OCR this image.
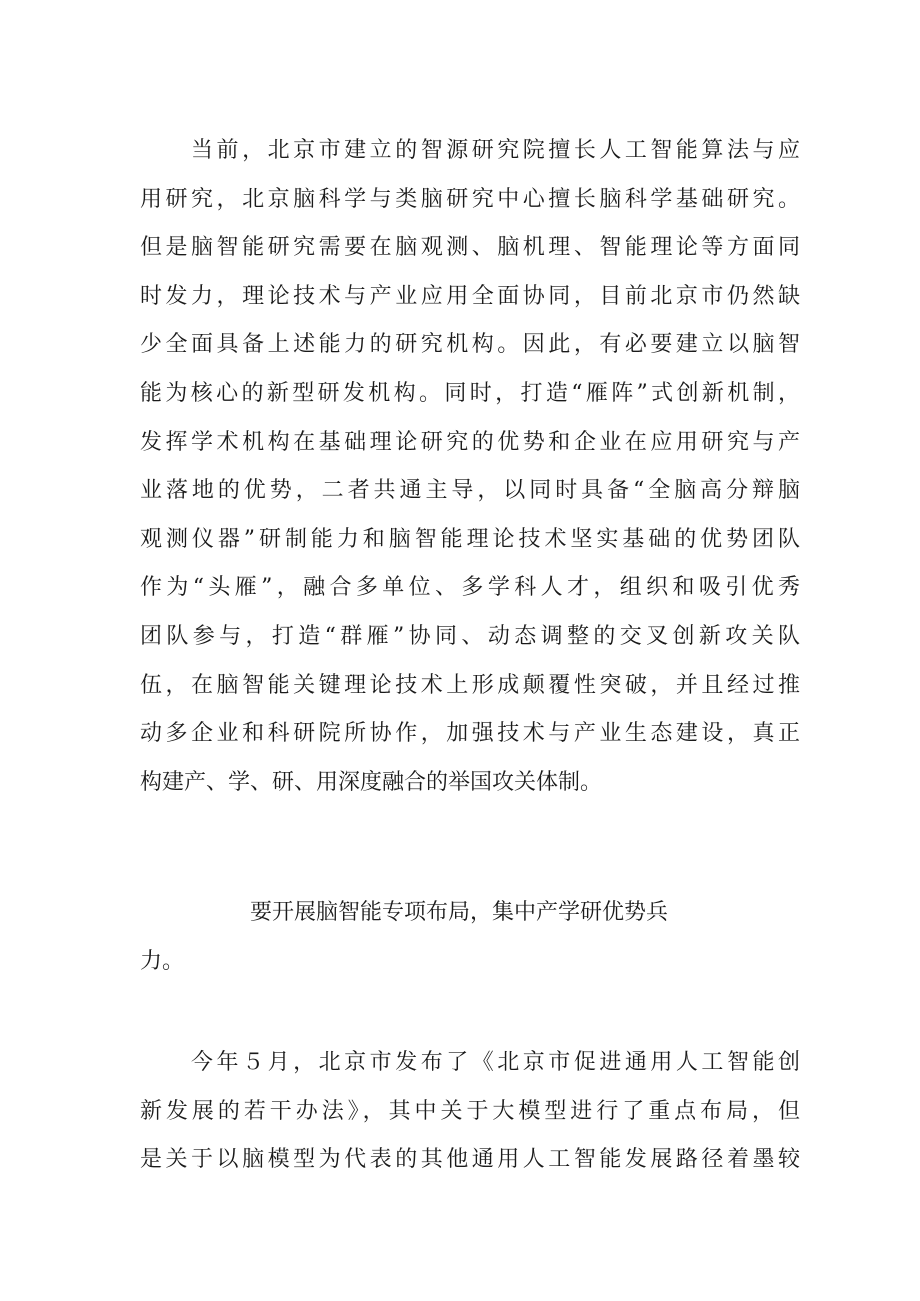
　　当前，北京市建立的智源研究院擅长人工智能算法与应
用研究，北京脑科学与类脑研究中心擅长脑科学基础研究。
但是脑智能研究需要在脑观测、脑机理、智能理论等方面同
时发力，理论技术与产业应用全面协同，目前北京市仍然缺
少全面具备上述能力的研究机构。因此，有必要建立以脑智
能为核心的新型研发机构。同时，打造“雁阵”式创新机制，
发挥学术机构在基础理论研究的优势和企业在应用研究与产
业落地的优势，二者共通主导，以同时具备“全脑高分辩脑
观测仪器”研制能力和脑智能理论技术坚实基础的优势团队
作为“头雁”，融合多单位、多学科人才，组织和吸引优秀
团队参与，打造“群雁”协同、动态调整的交叉创新攻关队
伍，在脑智能关键理论技术上形成颠覆性突破，并且经过推
动多企业和科研院所协作，加强技术与产业生态建设，真正
构建产、学、研、用深度融合的举国攻关体制。
　　　　　要开展脑智能专项布局，集中产学研优势兵
力。
　　今年５月，北京市发布了《北京市促进通用人工智能创
新发展的若干办法》，其中关于大模型进行了重点布局，但
是关于以脑模型为代表的其他通用人工智能发展路径着墨较
